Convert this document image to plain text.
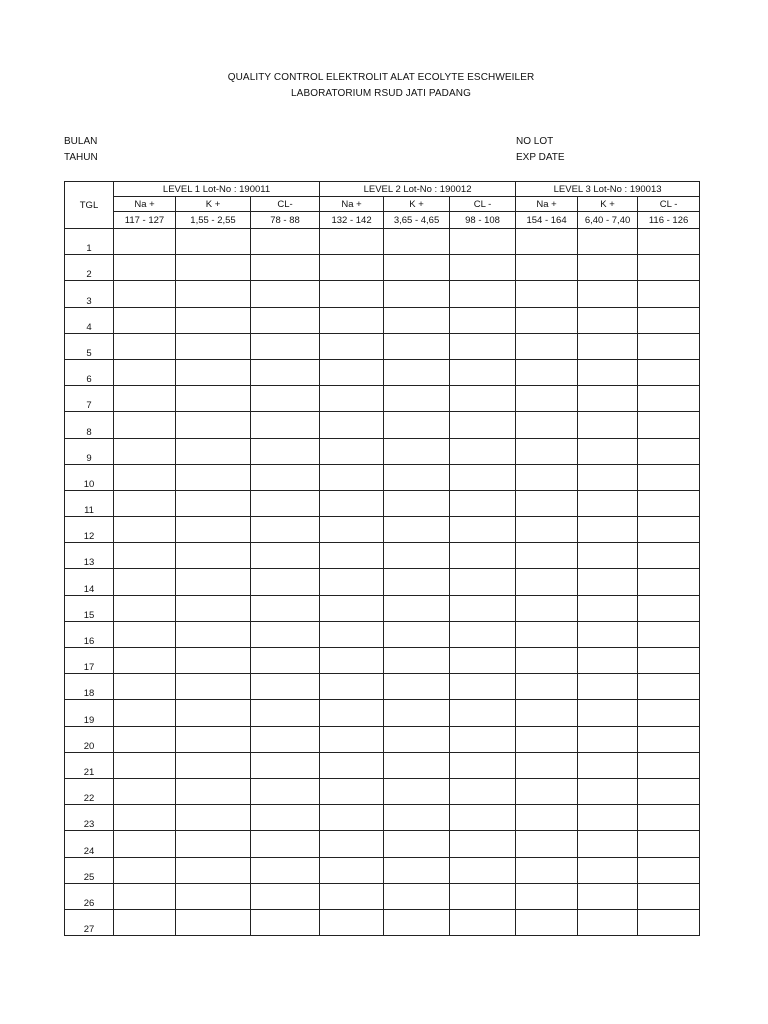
QUALITY CONTROL ELEKTROLIT ALAT ECOLYTE ESCHWEILER
LABORATORIUM RSUD JATI PADANG
BULAN
TAHUN
NO LOT
EXP DATE
TGL	LEVEL 1 Lot-No : 190011			LEVEL 2 Lot-No : 190012			LEVEL 3 Lot-No : 190013		
	Na +	K +	CL-	Na +	K +	CL -	Na +	K +	CL -
	117 - 127	1,55 - 2,55	78 - 88	132 - 142	3,65 - 4,65	98 - 108	154 - 164	6,40 - 7,40	116 - 126
1									
2									
3									
4									
5									
6									
7									
8									
9									
10									
11									
12									
13									
14									
15									
16									
17									
18									
19									
20									
21									
22									
23									
24									
25									
26									
27									
